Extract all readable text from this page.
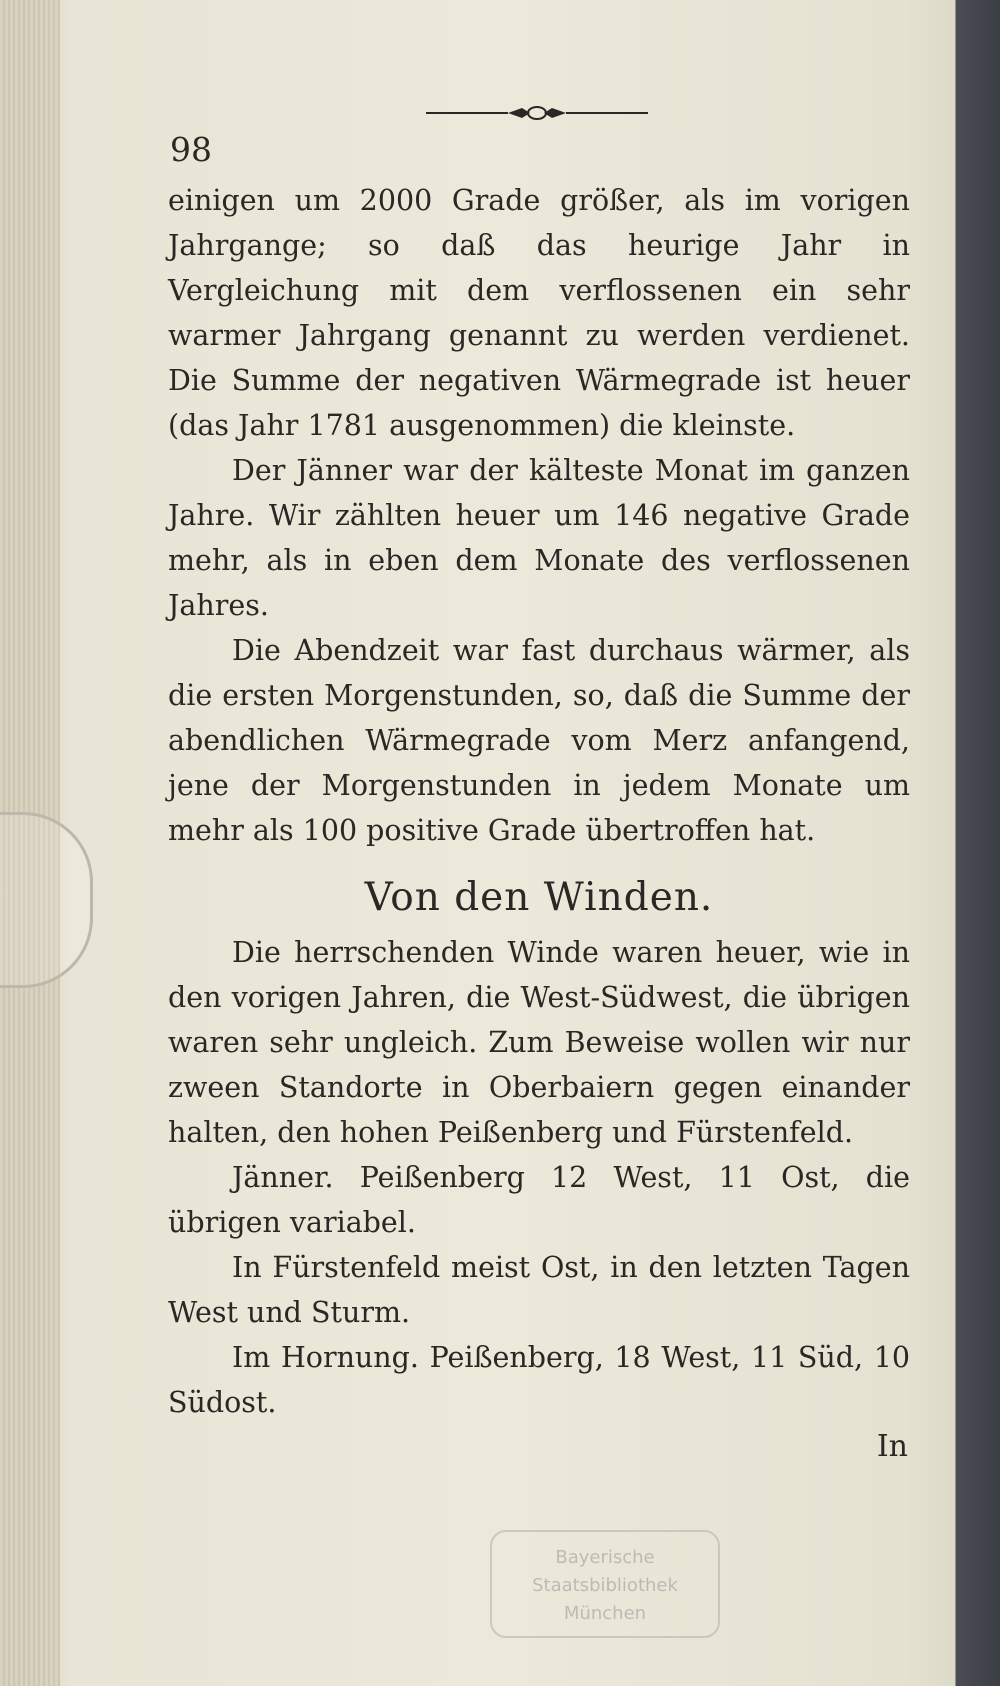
98

einigen um 2000 Grade größer, als im vorigen Jahrgange; so daß das heurige Jahr in Vergleichung mit dem verflossenen ein sehr warmer Jahrgang genannt zu werden verdienet. Die Summe der negativen Wärmegrade ist heuer (das Jahr 1781 ausgenommen) die kleinste.

Der Jänner war der kälteste Monat im ganzen Jahre. Wir zählten heuer um 146 negative Grade mehr, als in eben dem Monate des verflossenen Jahres.

Die Abendzeit war fast durchaus wärmer, als die ersten Morgenstunden, so, daß die Summe der abendlichen Wärmegrade vom Merz anfangend, jene der Morgenstunden in jedem Monate um mehr als 100 positive Grade übertroffen hat.

Von den Winden.

Die herrschenden Winde waren heuer, wie in den vorigen Jahren, die West-Südwest, die übrigen waren sehr ungleich. Zum Beweise wollen wir nur zween Standorte in Oberbaiern gegen einander halten, den hohen Peißenberg und Fürstenfeld.

Jänner. Peißenberg 12 West, 11 Ost, die übrigen variabel.

In Fürstenfeld meist Ost, in den letzten Tagen West und Sturm.

Im Hornung. Peißenberg, 18 West, 11 Süd, 10 Südost.

In
Bayerische
Staatsbibliothek
München
